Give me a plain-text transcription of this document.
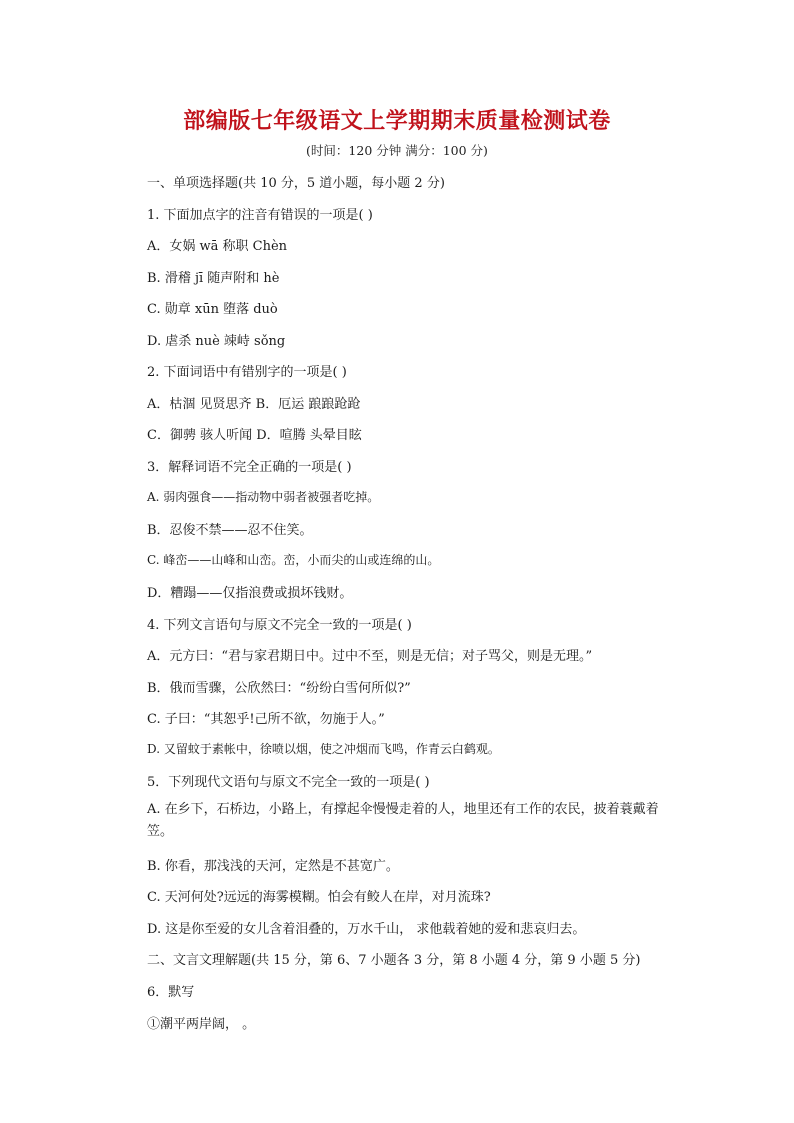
部编版七年级语文上学期期末质量检测试卷
(时间：120 分钟 满分：100 分)
一、单项选择题(共 10 分，5 道小题，每小题 2 分)
1. 下面加点字的注音有错误的一项是( )
A．女娲 wā 称职 Chèn
B. 滑稽 jī 随声附和 hè
C. 勋章 xūn 堕落 duò
D. 虐杀 nuè 竦峙 sǒng
2. 下面词语中有错别字的一项是( )
A．枯涸 见贤思齐 B．厄运 踉踉跄跄
C．御骋 骇人听闻 D．喧腾 头晕目眩
3．解释词语不完全正确的一项是( )
A. 弱肉强食——指动物中弱者被强者吃掉。
B．忍俊不禁——忍不住笑。
C. 峰峦——山峰和山峦。峦，小而尖的山或连绵的山。
D．糟蹋——仅指浪费或损坏钱财。
4. 下列文言语句与原文不完全一致的一项是( )
A．元方曰：“君与家君期日中。过中不至，则是无信；对子骂父，则是无理。”
B．俄而雪骤，公欣然曰：“纷纷白雪何所似?”
C. 子曰：“其恕乎!己所不欲，勿施于人。”
D. 又留蚊于素帐中，徐喷以烟，使之冲烟而飞鸣，作青云白鹤观。
5．下列现代文语句与原文不完全一致的一项是( )
A. 在乡下，石桥边，小路上，有撑起伞慢慢走着的人，地里还有工作的农民，披着蓑戴着笠。
B. 你看，那浅浅的天河，定然是不甚宽广。
C. 天河何处?远远的海雾模糊。怕会有鲛人在岸，对月流珠?
D. 这是你至爱的女儿含着泪叠的，万水千山， 求他载着她的爱和悲哀归去。
二、文言文理解题(共 15 分，第 6、7 小题各 3 分，第 8 小题 4 分，第 9 小题 5 分)
6．默写
①潮平两岸阔， 。
